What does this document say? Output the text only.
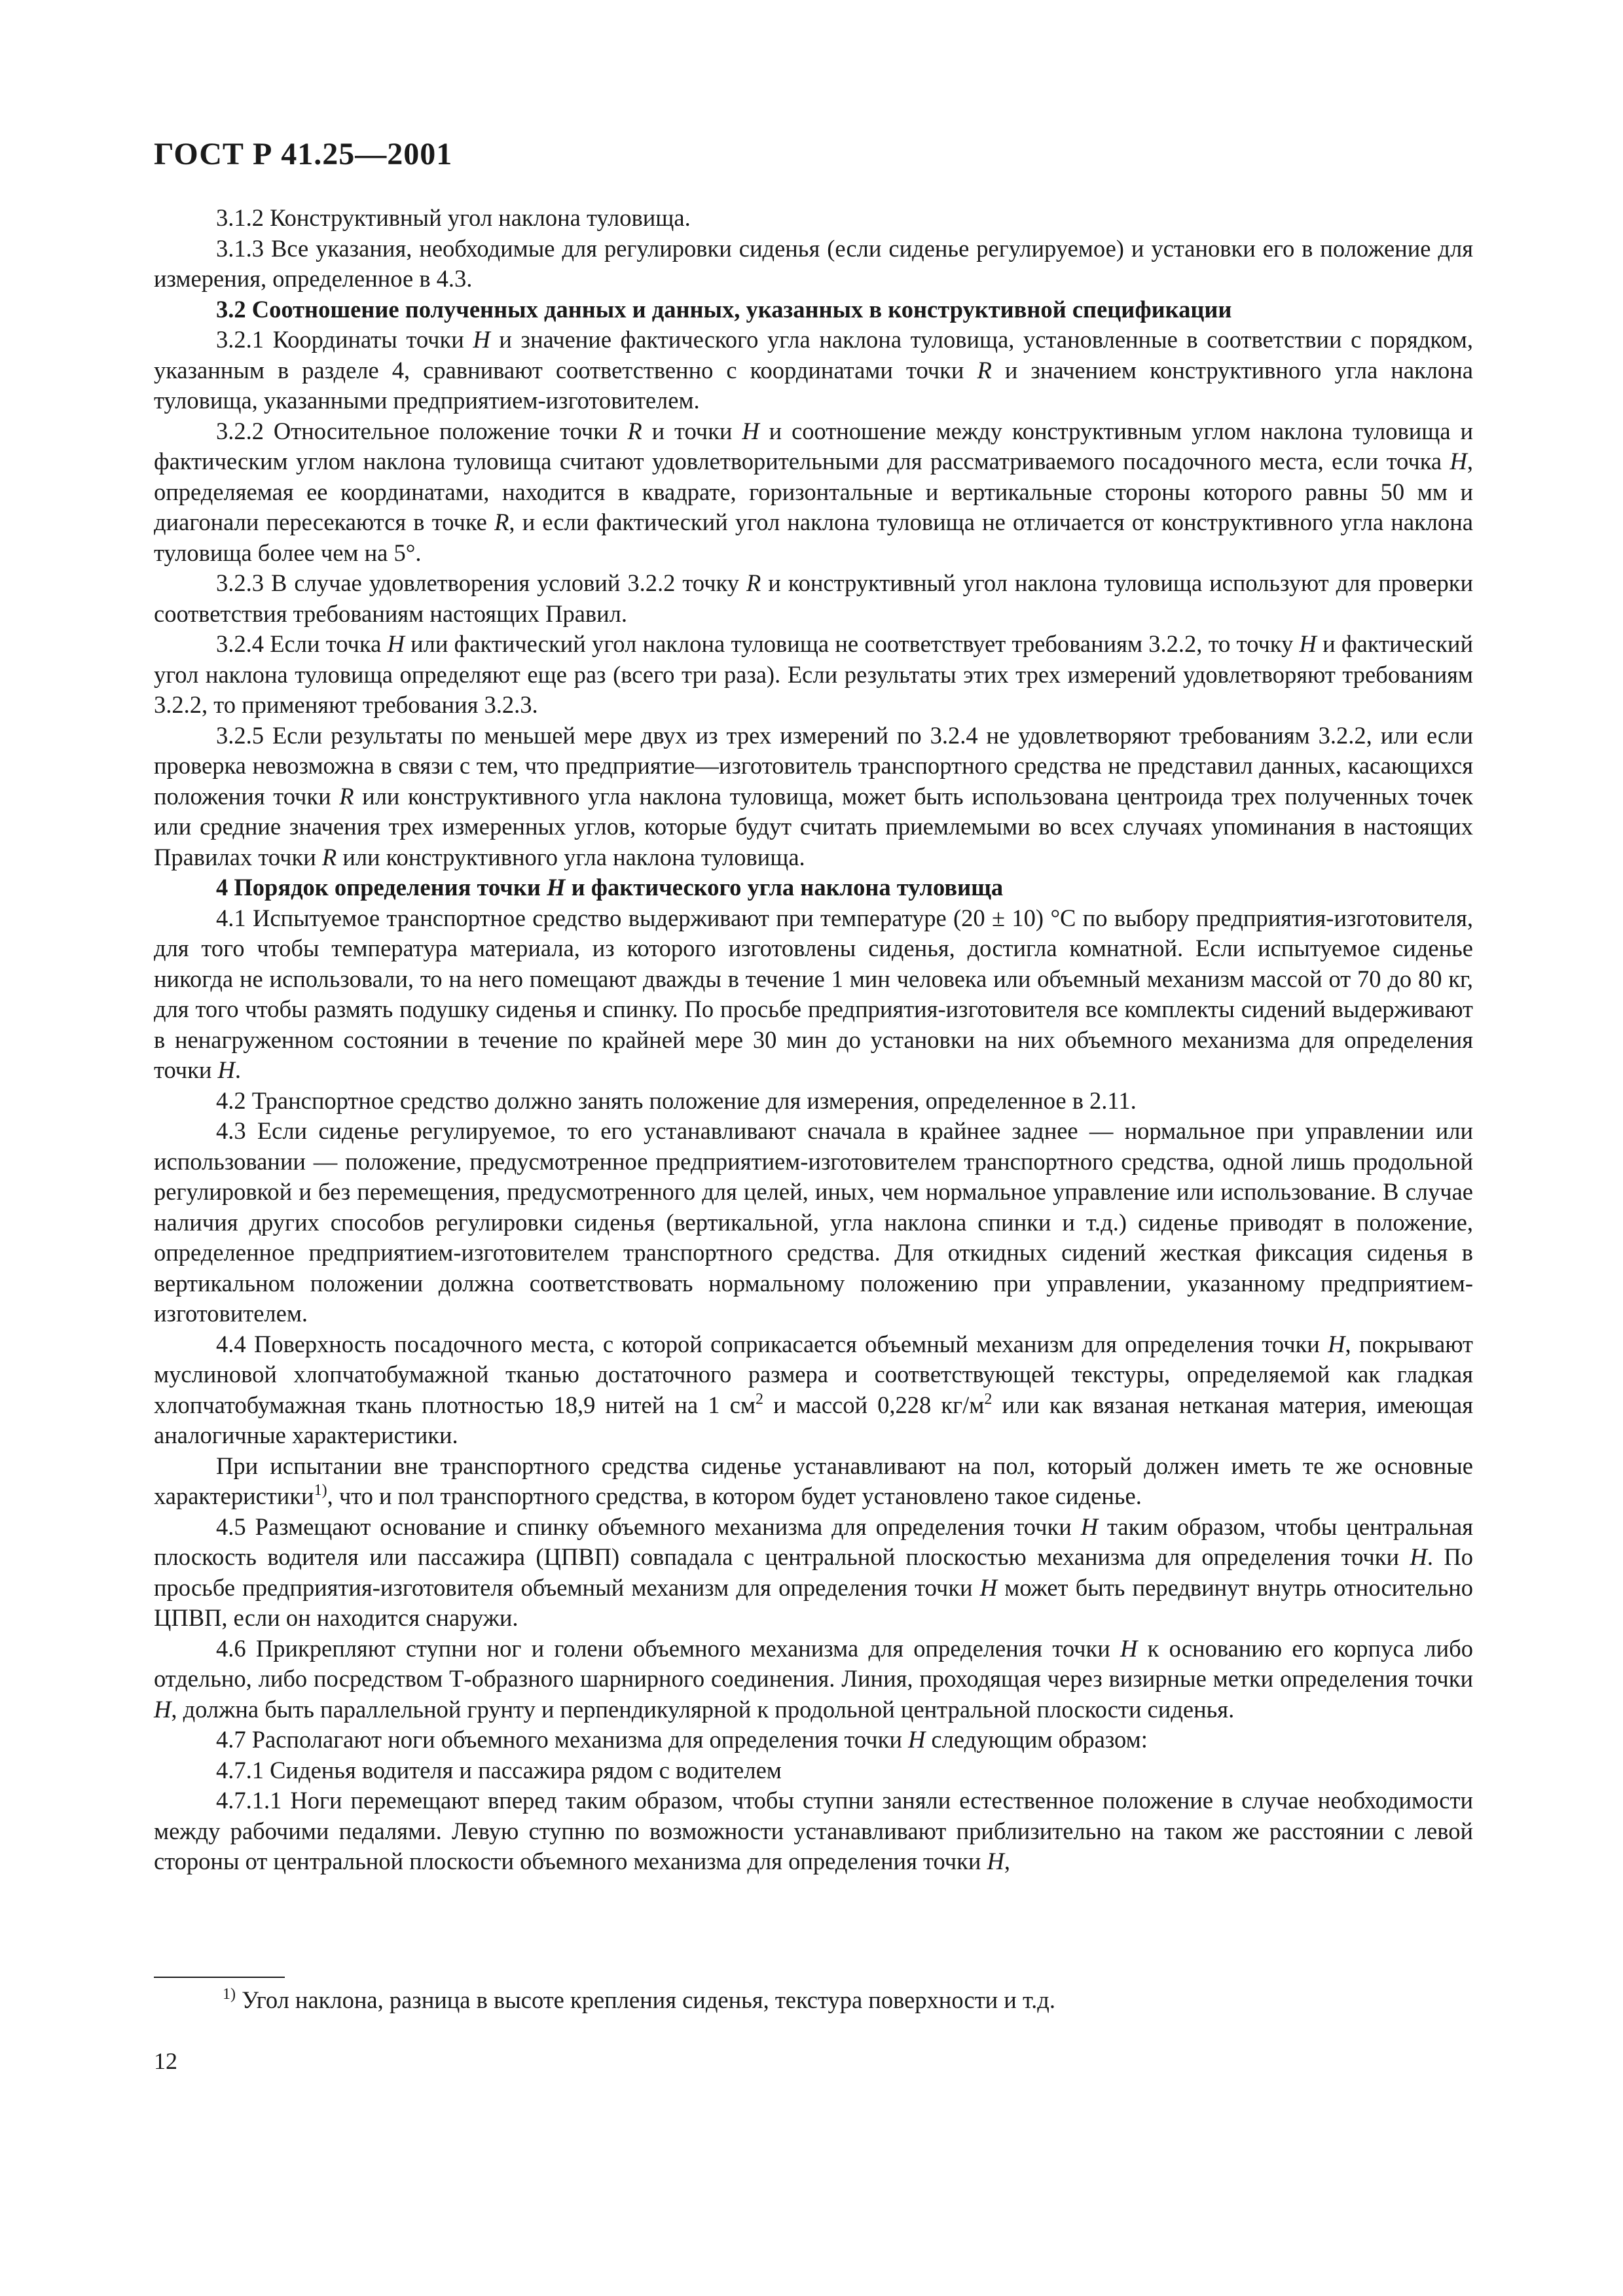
ГОСТ Р 41.25—2001

3.1.2 Конструктивный угол наклона туловища.

3.1.3 Все указания, необходимые для регулировки сиденья (если сиденье регулируемое) и установки его в положение для измерения, определенное в 4.3.

3.2 Соотношение полученных данных и данных, указанных в конструктивной спецификации

3.2.1 Координаты точки H и значение фактического угла наклона туловища, установленные в соответствии с порядком, указанным в разделе 4, сравнивают соответственно с координатами точки R и значением конструктивного угла наклона туловища, указанными предприятием-изготовителем.

3.2.2 Относительное положение точки R и точки H и соотношение между конструктивным углом наклона туловища и фактическим углом наклона туловища считают удовлетворительными для рассматриваемого посадочного места, если точка H, определяемая ее координатами, находится в квадрате, горизонтальные и вертикальные стороны которого равны 50 мм и диагонали пересекаются в точке R, и если фактический угол наклона туловища не отличается от конструктивного угла наклона туловища более чем на 5°.

3.2.3 В случае удовлетворения условий 3.2.2 точку R и конструктивный угол наклона туловища используют для проверки соответствия требованиям настоящих Правил.

3.2.4 Если точка H или фактический угол наклона туловища не соответствует требованиям 3.2.2, то точку H и фактический угол наклона туловища определяют еще раз (всего три раза). Если результаты этих трех измерений удовлетворяют требованиям 3.2.2, то применяют требования 3.2.3.

3.2.5 Если результаты по меньшей мере двух из трех измерений по 3.2.4 не удовлетворяют требованиям 3.2.2, или если проверка невозможна в связи с тем, что предприятие—изготовитель транспортного средства не представил данных, касающихся положения точки R или конструктивного угла наклона туловища, может быть использована центроида трех полученных точек или средние значения трех измеренных углов, которые будут считать приемлемыми во всех случаях упоминания в настоящих Правилах точки R или конструктивного угла наклона туловища.

4 Порядок определения точки H и фактического угла наклона туловища

4.1 Испытуемое транспортное средство выдерживают при температуре (20 ± 10) °С по выбору предприятия-изготовителя, для того чтобы температура материала, из которого изготовлены сиденья, достигла комнатной. Если испытуемое сиденье никогда не использовали, то на него помещают дважды в течение 1 мин человека или объемный механизм массой от 70 до 80 кг, для того чтобы размять подушку сиденья и спинку. По просьбе предприятия-изготовителя все комплекты сидений выдерживают в ненагруженном состоянии в течение по крайней мере 30 мин до установки на них объемного механизма для определения точки H.

4.2 Транспортное средство должно занять положение для измерения, определенное в 2.11.

4.3 Если сиденье регулируемое, то его устанавливают сначала в крайнее заднее — нормальное при управлении или использовании — положение, предусмотренное предприятием-изготовителем транспортного средства, одной лишь продольной регулировкой и без перемещения, предусмотренного для целей, иных, чем нормальное управление или использование. В случае наличия других способов регулировки сиденья (вертикальной, угла наклона спинки и т.д.) сиденье приводят в положение, определенное предприятием-изготовителем транспортного средства. Для откидных сидений жесткая фиксация сиденья в вертикальном положении должна соответствовать нормальному положению при управлении, указанному предприятием-изготовителем.

4.4 Поверхность посадочного места, с которой соприкасается объемный механизм для определения точки H, покрывают муслиновой хлопчатобумажной тканью достаточного размера и соответствующей текстуры, определяемой как гладкая хлопчатобумажная ткань плотностью 18,9 нитей на 1 $см^2$ и массой 0,228 $кг/м^2$ или как вязаная нетканая материя, имеющая аналогичные характеристики.

При испытании вне транспортного средства сиденье устанавливают на пол, который должен иметь те же основные характеристики$^{1)}$, что и пол транспортного средства, в котором будет установлено такое сиденье.

4.5 Размещают основание и спинку объемного механизма для определения точки H таким образом, чтобы центральная плоскость водителя или пассажира (ЦПВП) совпадала с центральной плоскостью механизма для определения точки H. По просьбе предприятия-изготовителя объемный механизм для определения точки H может быть передвинут внутрь относительно ЦПВП, если он находится снаружи.

4.6 Прикрепляют ступни ног и голени объемного механизма для определения точки H к основанию его корпуса либо отдельно, либо посредством Т-образного шарнирного соединения. Линия, проходящая через визирные метки определения точки H, должна быть параллельной грунту и перпендикулярной к продольной центральной плоскости сиденья.

4.7 Располагают ноги объемного механизма для определения точки H следующим образом:

4.7.1 Сиденья водителя и пассажира рядом с водителем

4.7.1.1 Ноги перемещают вперед таким образом, чтобы ступни заняли естественное положение в случае необходимости между рабочими педалями. Левую ступню по возможности устанавливают приблизительно на таком же расстоянии с левой стороны от центральной плоскости объемного механизма для определения точки H,

$^{1)}$ Угол наклона, разница в высоте крепления сиденья, текстура поверхности и т.д.
12
